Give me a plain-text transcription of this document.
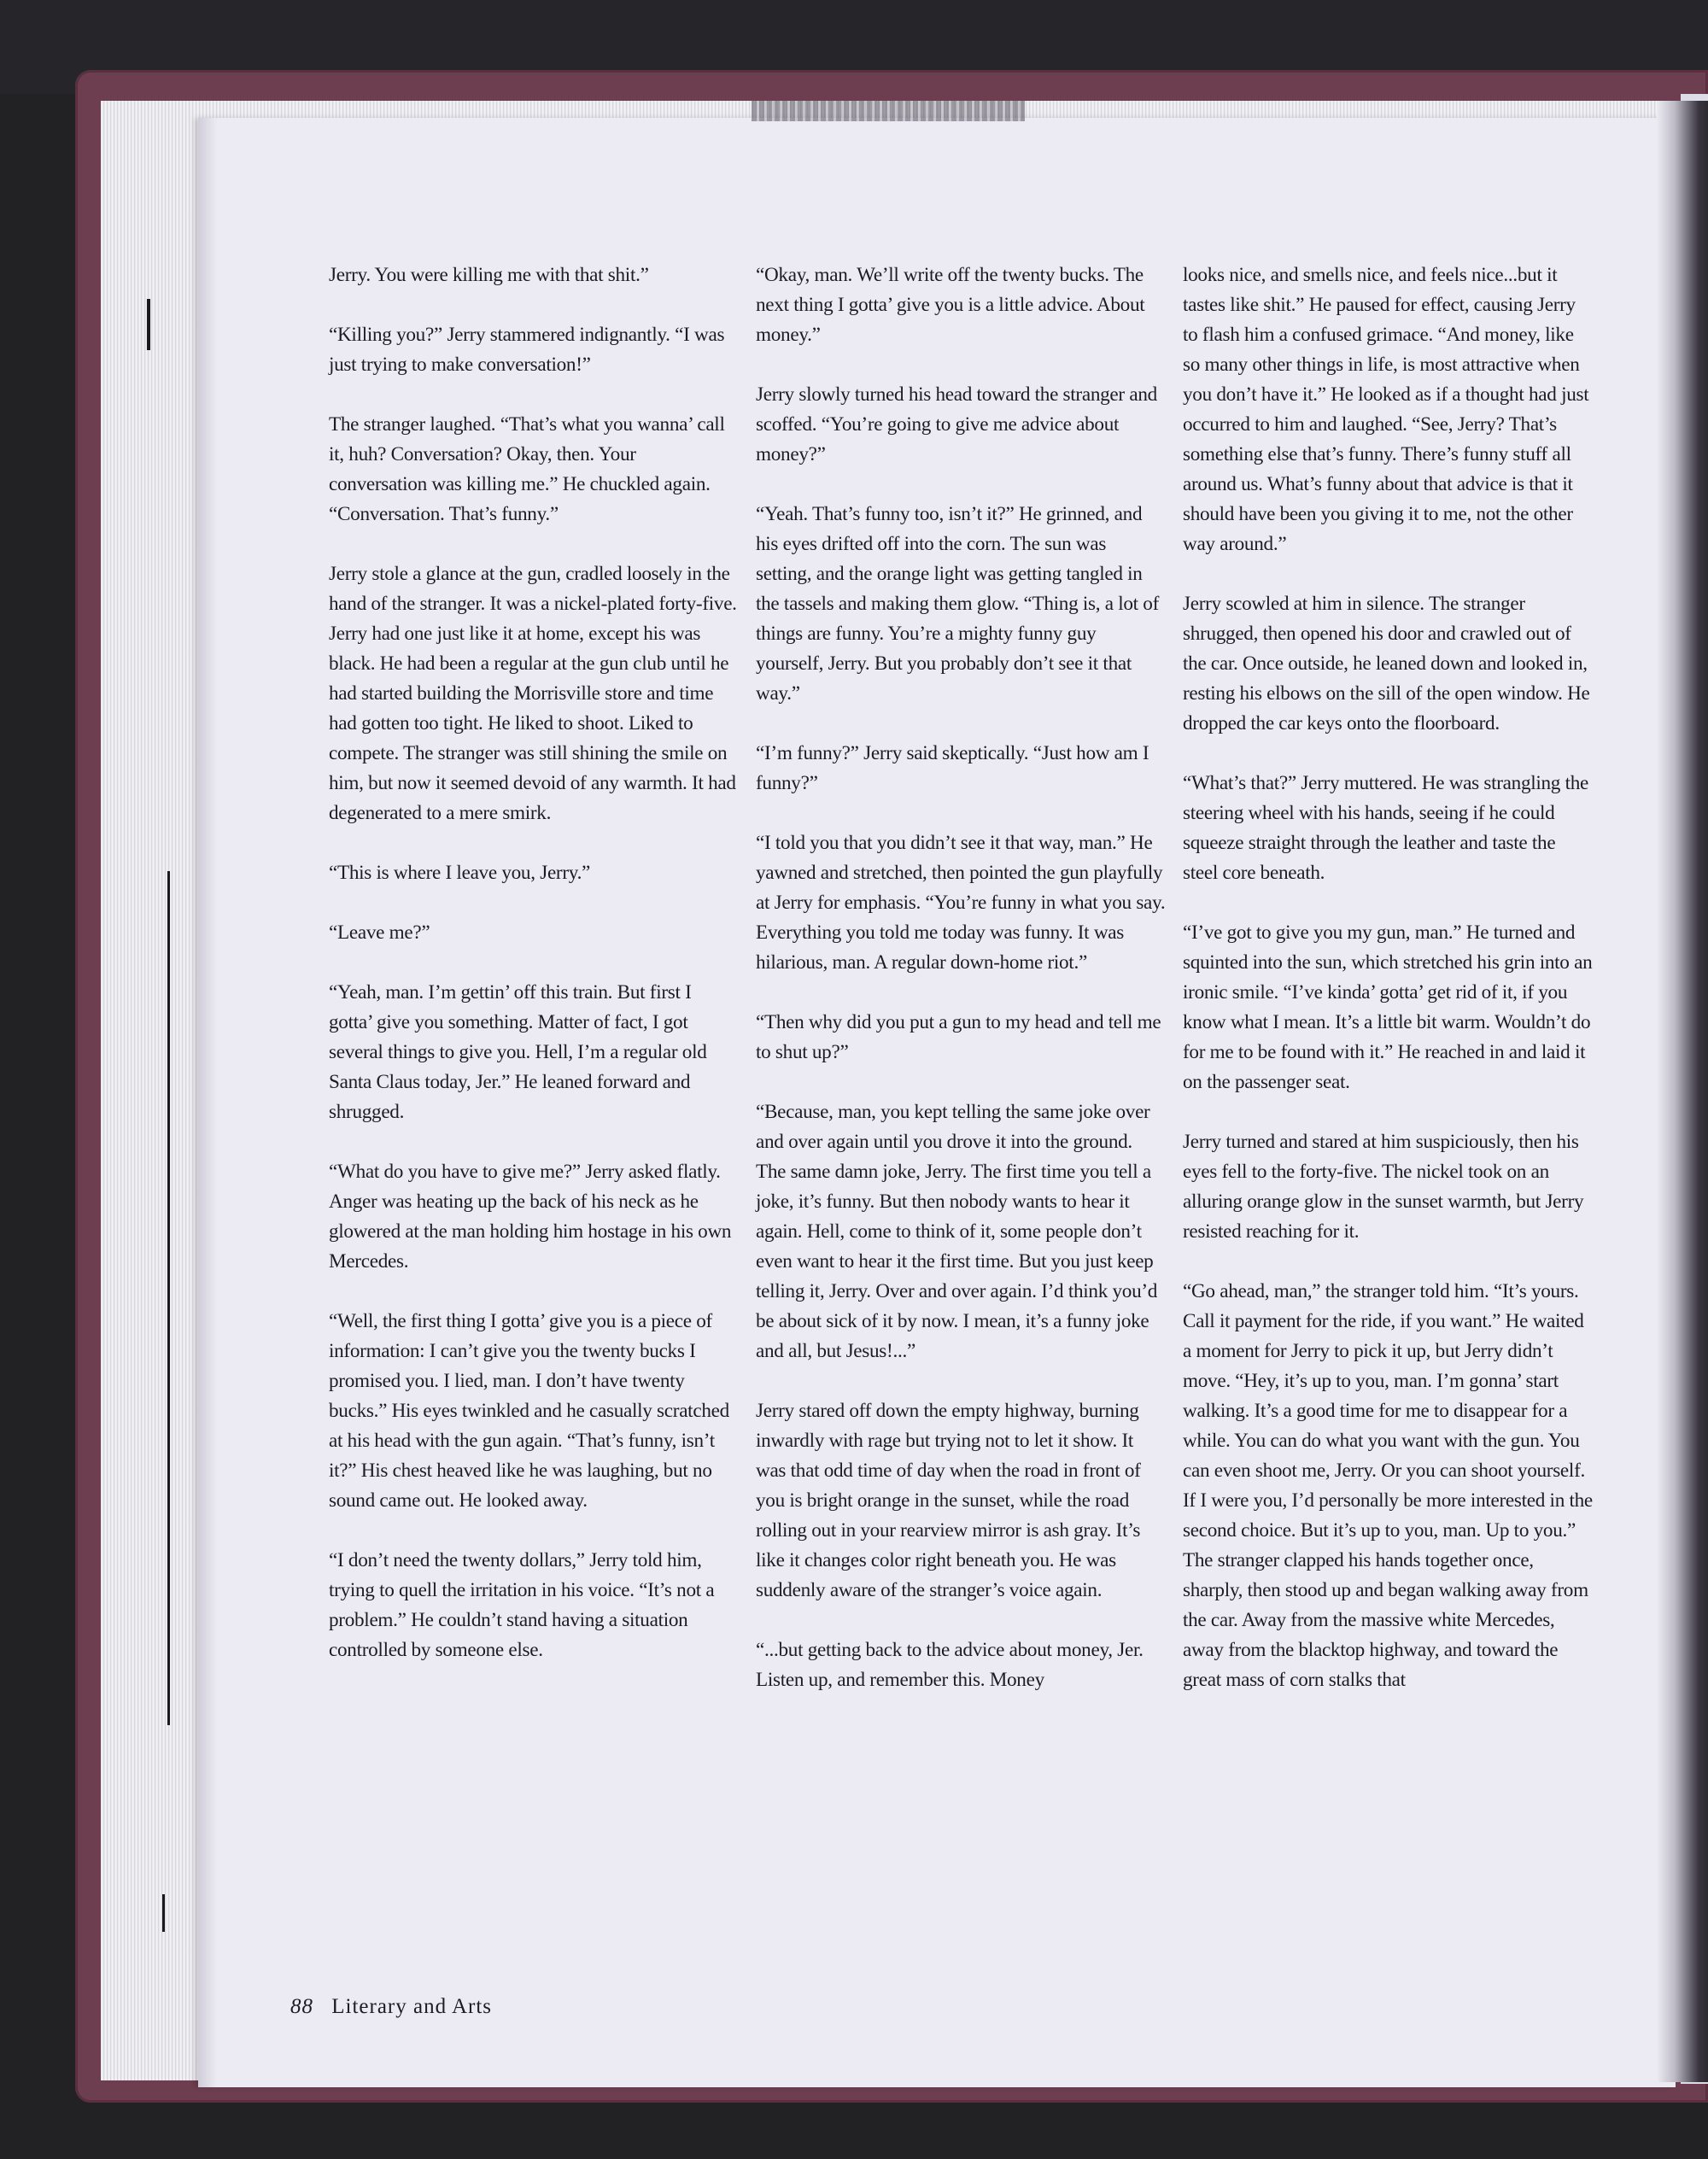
Jerry. You were killing me with that shit.”

“Killing you?” Jerry stammered indignantly. “I was just trying to make conversation!”

The stranger laughed. “That’s what you wanna’ call it, huh? Conversation? Okay, then. Your conversation was killing me.” He chuckled again. “Conversation. That’s funny.”

Jerry stole a glance at the gun, cradled loosely in the hand of the stranger. It was a nickel-plated forty-five. Jerry had one just like it at home, except his was black. He had been a regular at the gun club until he had started building the Morrisville store and time had gotten too tight. He liked to shoot. Liked to compete. The stranger was still shining the smile on him, but now it seemed devoid of any warmth. It had degenerated to a mere smirk.

“This is where I leave you, Jerry.”

“Leave me?”

“Yeah, man. I’m gettin’ off this train. But first I gotta’ give you something. Matter of fact, I got several things to give you. Hell, I’m a regular old Santa Claus today, Jer.” He leaned forward and shrugged.

“What do you have to give me?” Jerry asked flatly. Anger was heating up the back of his neck as he glowered at the man holding him hostage in his own Mercedes.

“Well, the first thing I gotta’ give you is a piece of information: I can’t give you the twenty bucks I promised you. I lied, man. I don’t have twenty bucks.” His eyes twinkled and he casually scratched at his head with the gun again. “That’s funny, isn’t it?” His chest heaved like he was laughing, but no sound came out. He looked away.

“I don’t need the twenty dollars,” Jerry told him, trying to quell the irritation in his voice. “It’s not a problem.” He couldn’t stand having a situation controlled by someone else.

“Okay, man. We’ll write off the twenty bucks. The next thing I gotta’ give you is a little advice. About money.”

Jerry slowly turned his head toward the stranger and scoffed. “You’re going to give me advice about money?”

“Yeah. That’s funny too, isn’t it?” He grinned, and his eyes drifted off into the corn. The sun was setting, and the orange light was getting tangled in the tassels and making them glow. “Thing is, a lot of things are funny. You’re a mighty funny guy yourself, Jerry. But you probably don’t see it that way.”

“I’m funny?” Jerry said skeptically. “Just how am I funny?”

“I told you that you didn’t see it that way, man.” He yawned and stretched, then pointed the gun playfully at Jerry for emphasis. “You’re funny in what you say. Everything you told me today was funny. It was hilarious, man. A regular down-home riot.”

“Then why did you put a gun to my head and tell me to shut up?”

“Because, man, you kept telling the same joke over and over again until you drove it into the ground. The same damn joke, Jerry. The first time you tell a joke, it’s funny. But then nobody wants to hear it again. Hell, come to think of it, some people don’t even want to hear it the first time. But you just keep telling it, Jerry. Over and over again. I’d think you’d be about sick of it by now. I mean, it’s a funny joke and all, but Jesus!...”

Jerry stared off down the empty highway, burning inwardly with rage but trying not to let it show. It was that odd time of day when the road in front of you is bright orange in the sunset, while the road rolling out in your rearview mirror is ash gray. It’s like it changes color right beneath you. He was suddenly aware of the stranger’s voice again.

“...but getting back to the advice about money, Jer. Listen up, and remember this. Money

looks nice, and smells nice, and feels nice...but it tastes like shit.” He paused for effect, causing Jerry to flash him a confused grimace. “And money, like so many other things in life, is most attractive when you don’t have it.” He looked as if a thought had just occurred to him and laughed. “See, Jerry? That’s something else that’s funny. There’s funny stuff all around us. What’s funny about that advice is that it should have been you giving it to me, not the other way around.”

Jerry scowled at him in silence. The stranger shrugged, then opened his door and crawled out of the car. Once outside, he leaned down and looked in, resting his elbows on the sill of the open window. He dropped the car keys onto the floorboard.

“What’s that?” Jerry muttered. He was strangling the steering wheel with his hands, seeing if he could squeeze straight through the leather and taste the steel core beneath.

“I’ve got to give you my gun, man.” He turned and squinted into the sun, which stretched his grin into an ironic smile. “I’ve kinda’ gotta’ get rid of it, if you know what I mean. It’s a little bit warm. Wouldn’t do for me to be found with it.” He reached in and laid it on the passenger seat.

Jerry turned and stared at him suspiciously, then his eyes fell to the forty-five. The nickel took on an alluring orange glow in the sunset warmth, but Jerry resisted reaching for it.

“Go ahead, man,” the stranger told him. “It’s yours. Call it payment for the ride, if you want.” He waited a moment for Jerry to pick it up, but Jerry didn’t move. “Hey, it’s up to you, man. I’m gonna’ start walking. It’s a good time for me to disappear for a while. You can do what you want with the gun. You can even shoot me, Jerry. Or you can shoot yourself. If I were you, I’d personally be more interested in the second choice. But it’s up to you, man. Up to you.” The stranger clapped his hands together once, sharply, then stood up and began walking away from the car. Away from the massive white Mercedes, away from the blacktop highway, and toward the great mass of corn stalks that

88 Literary and Arts
